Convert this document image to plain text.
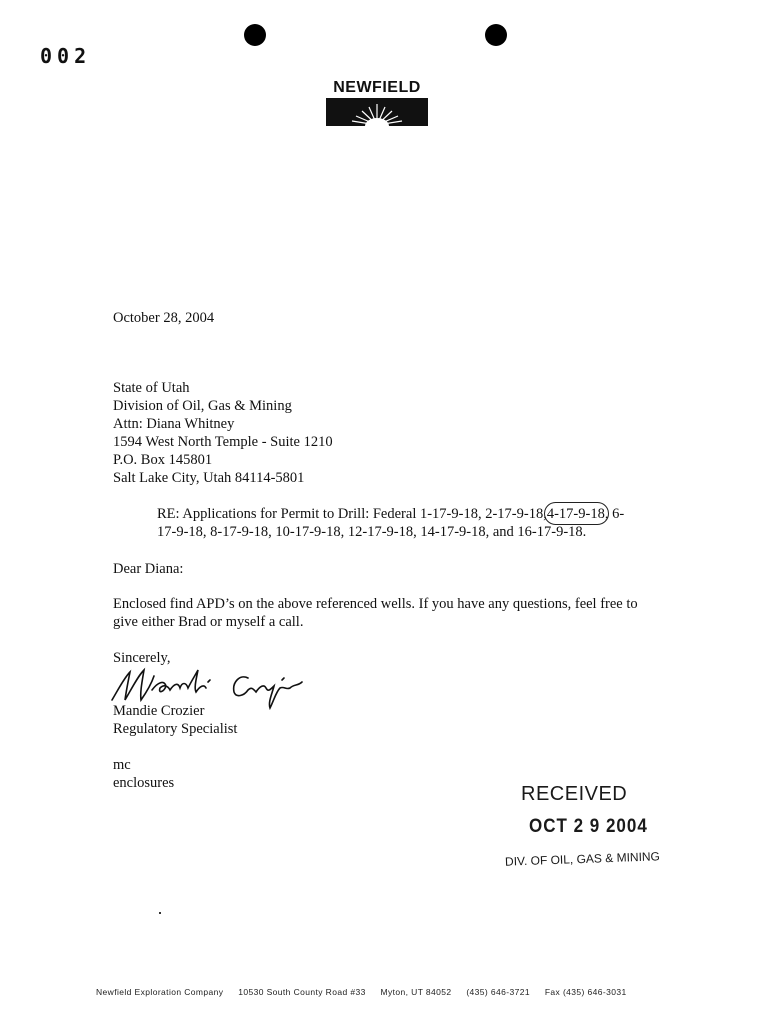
002
NEWFIELD
October 28, 2004
State of Utah
Division of Oil, Gas & Mining
Attn: Diana Whitney
1594 West North Temple - Suite 1210
P.O. Box 145801
Salt Lake City, Utah 84114-5801
RE: Applications for Permit to Drill: Federal 1-17-9-18, 2-17-9-18,4-17-9-18, 6-
17-9-18, 8-17-9-18, 10-17-9-18, 12-17-9-18, 14-17-9-18, and 16-17-9-18.
Dear Diana:
Enclosed find APD’s on the above referenced wells. If you have any questions, feel free to give either Brad or myself a call.
Sincerely,
Mandie Crozier
Regulatory Specialist
mc
enclosures	RECEIVED
OCT 2 9 2004
DIV. OF OIL, GAS & MINING
Newfield Exploration Company 10530 South County Road #33 Myton, UT 84052 (435) 646-3721 Fax (435) 646-3031
